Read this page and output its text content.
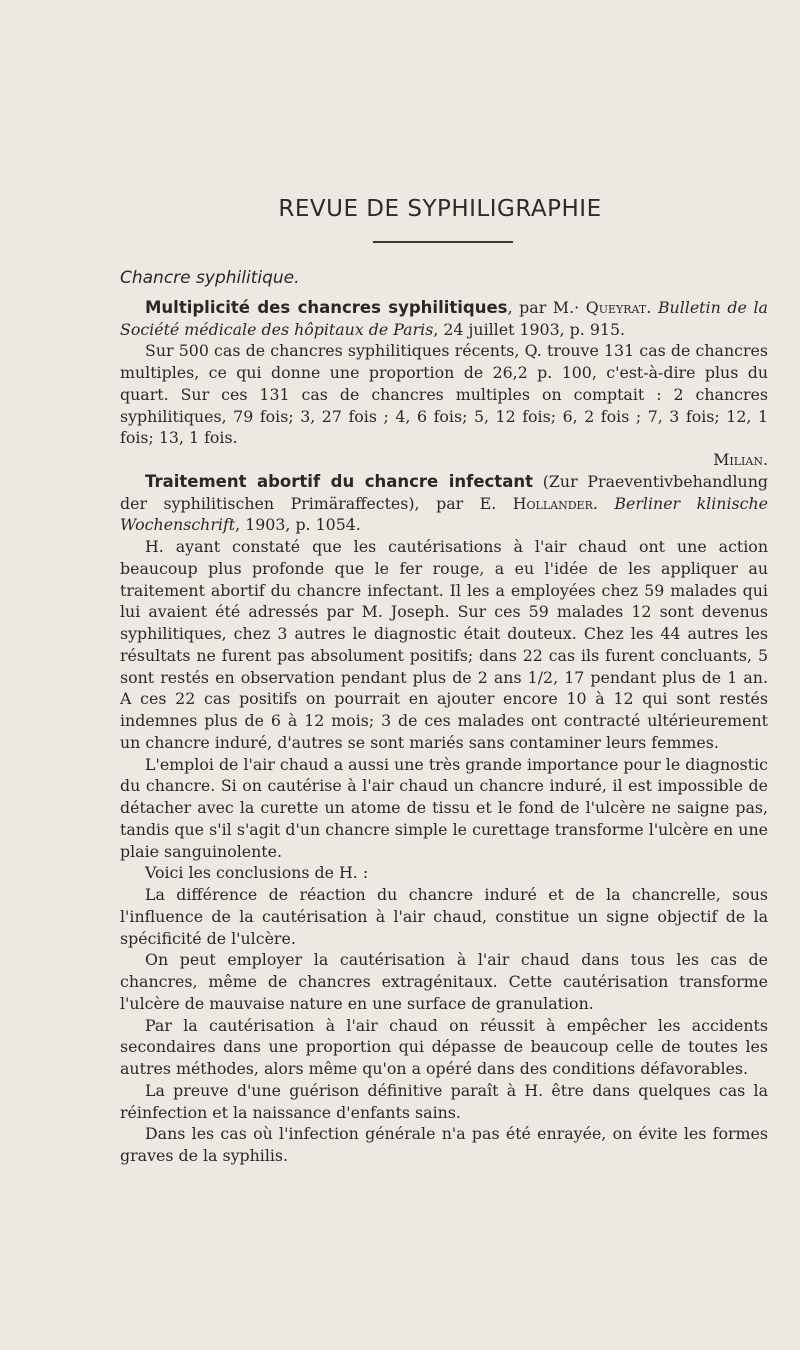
REVUE DE SYPHILIGRAPHIE

Chancre syphilitique.

Multiplicité des chancres syphilitiques, par M.· Queyrat. Bulletin de la Société médicale des hôpitaux de Paris, 24 juillet 1903, p. 915.

Sur 500 cas de chancres syphilitiques récents, Q. trouve 131 cas de chancres multiples, ce qui donne une proportion de 26,2 p. 100, c'est-à-dire plus du quart. Sur ces 131 cas de chancres multiples on comptait : 2 chancres syphilitiques, 79 fois; 3, 27 fois ; 4, 6 fois; 5, 12 fois; 6, 2 fois ; 7, 3 fois; 12, 1 fois; 13, 1 fois.
Milian.

Traitement abortif du chancre infectant (Zur Praeventivbehandlung der syphilitischen Primäraffectes), par E. Hollander. Berliner klinische Wochenschrift, 1903, p. 1054.

H. ayant constaté que les cautérisations à l'air chaud ont une action beaucoup plus profonde que le fer rouge, a eu l'idée de les appliquer au traitement abortif du chancre infectant. Il les a employées chez 59 malades qui lui avaient été adressés par M. Joseph. Sur ces 59 malades 12 sont devenus syphilitiques, chez 3 autres le diagnostic était douteux. Chez les 44 autres les résultats ne furent pas absolument positifs; dans 22 cas ils furent concluants, 5 sont restés en observation pendant plus de 2 ans 1/2, 17 pendant plus de 1 an. A ces 22 cas positifs on pourrait en ajouter encore 10 à 12 qui sont restés indemnes plus de 6 à 12 mois; 3 de ces malades ont contracté ultérieurement un chancre induré, d'autres se sont mariés sans contaminer leurs femmes.

L'emploi de l'air chaud a aussi une très grande importance pour le diagnostic du chancre. Si on cautérise à l'air chaud un chancre induré, il est impossible de détacher avec la curette un atome de tissu et le fond de l'ulcère ne saigne pas, tandis que s'il s'agit d'un chancre simple le curettage transforme l'ulcère en une plaie sanguinolente.

Voici les conclusions de H. :

La différence de réaction du chancre induré et de la chancrelle, sous l'influence de la cautérisation à l'air chaud, constitue un signe objectif de la spécificité de l'ulcère.

On peut employer la cautérisation à l'air chaud dans tous les cas de chancres, même de chancres extragénitaux. Cette cautérisation transforme l'ulcère de mauvaise nature en une surface de granulation.

Par la cautérisation à l'air chaud on réussit à empêcher les accidents secondaires dans une proportion qui dépasse de beaucoup celle de toutes les autres méthodes, alors même qu'on a opéré dans des conditions défavorables.

La preuve d'une guérison définitive paraît à H. être dans quelques cas la réinfection et la naissance d'enfants sains.

Dans les cas où l'infection générale n'a pas été enrayée, on évite les formes graves de la syphilis.
